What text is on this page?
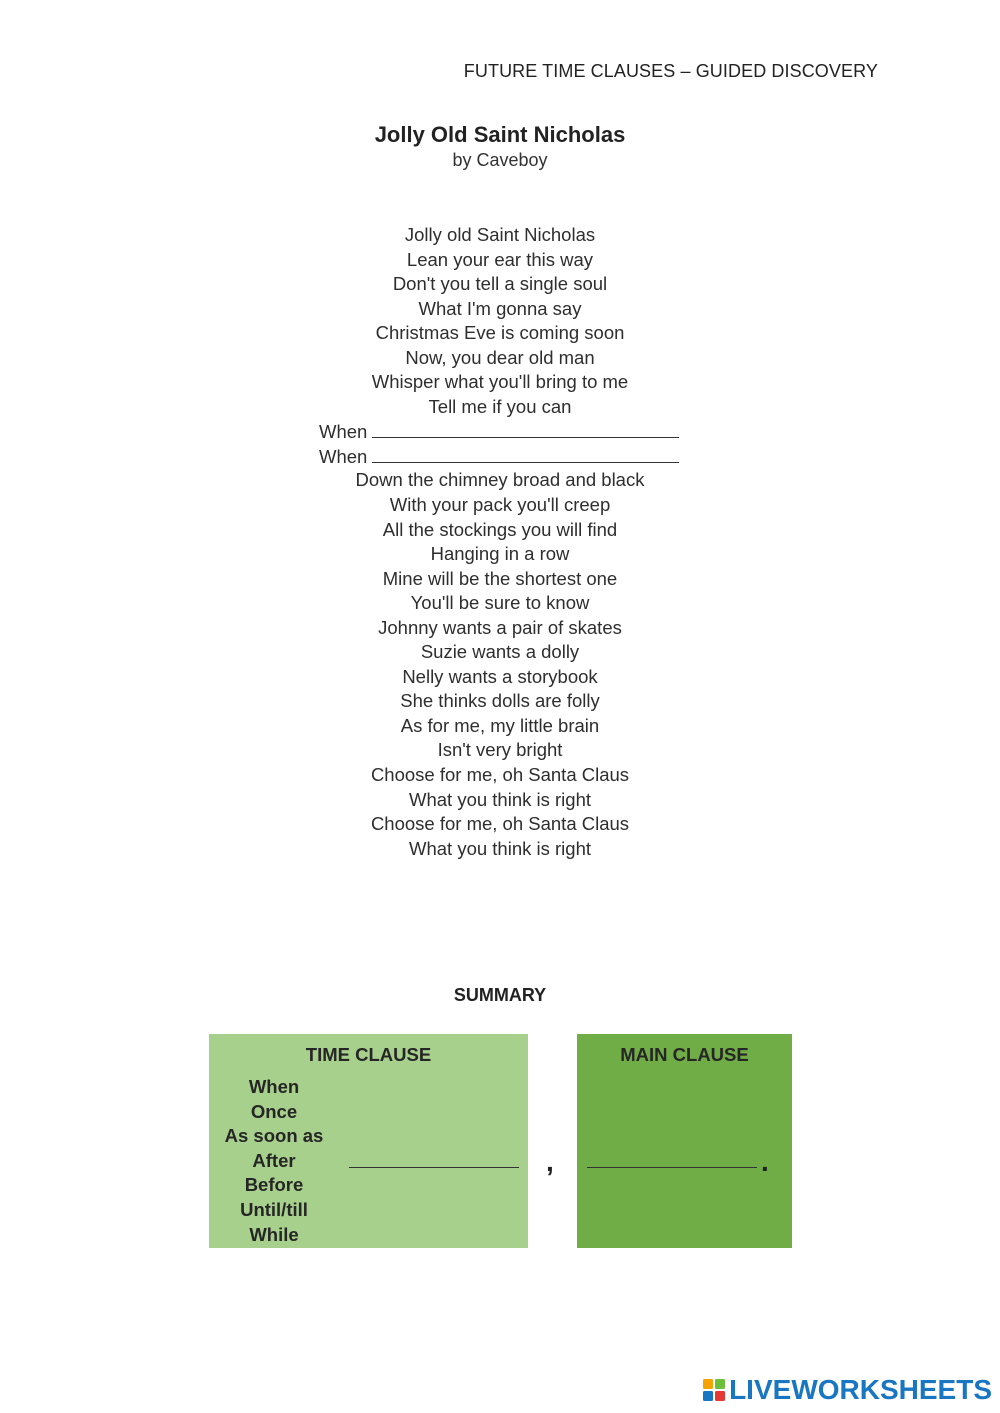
FUTURE TIME CLAUSES – GUIDED DISCOVERY
Jolly Old Saint Nicholas
by Caveboy
Jolly old Saint Nicholas
Lean your ear this way
Don't you tell a single soul
What I'm gonna say
Christmas Eve is coming soon
Now, you dear old man
Whisper what you'll bring to me
Tell me if you can
When
When
Down the chimney broad and black
With your pack you'll creep
All the stockings you will find
Hanging in a row
Mine will be the shortest one
You'll be sure to know
Johnny wants a pair of skates
Suzie wants a dolly
Nelly wants a storybook
She thinks dolls are folly
As for me, my little brain
Isn't very bright
Choose for me, oh Santa Claus
What you think is right
Choose for me, oh Santa Claus
What you think is right
SUMMARY
TIME CLAUSE
When
Once
As soon as
After
Before
Until/till
While
,
MAIN CLAUSE
.
LIVEWORKSHEETS
